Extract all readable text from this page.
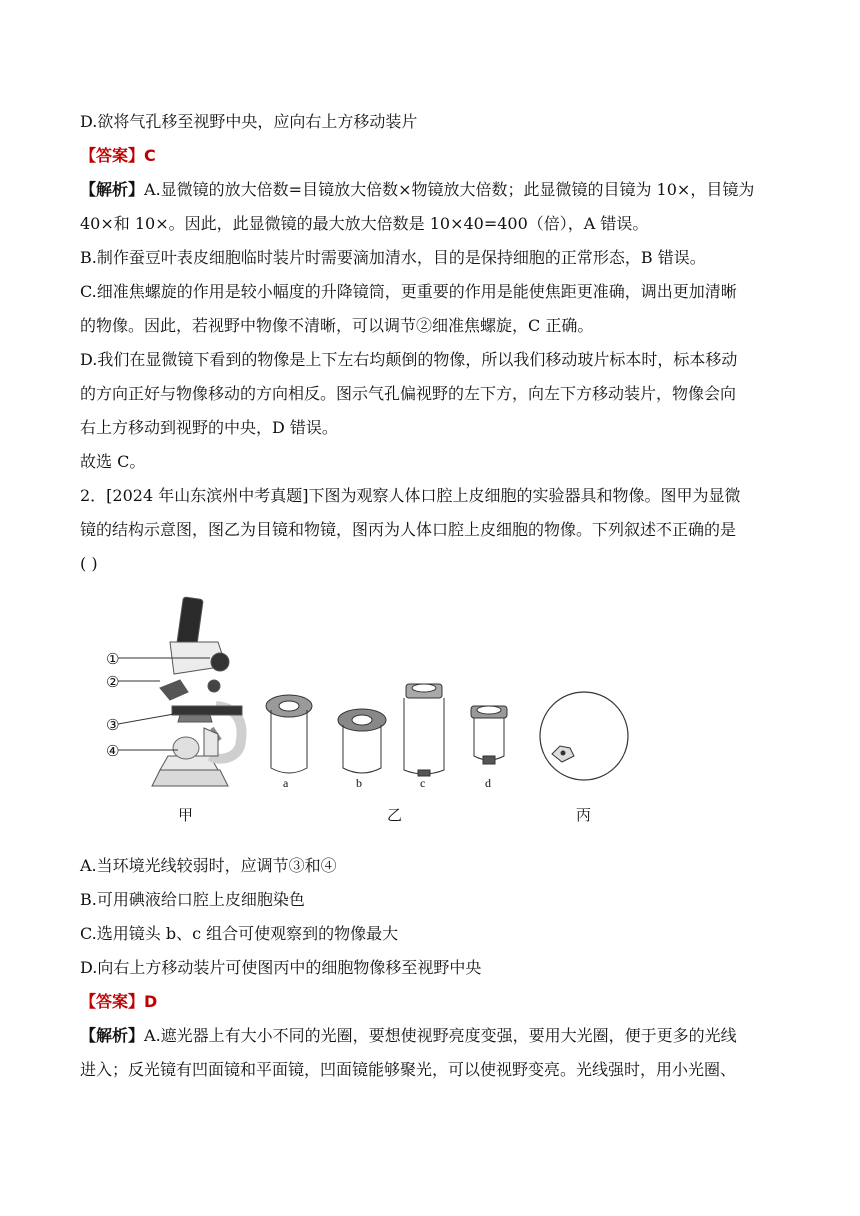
D.欲将气孔移至视野中央，应向右上方移动装片
【答案】C
【解析】A.显微镜的放大倍数=目镜放大倍数×物镜放大倍数；此显微镜的目镜为 10×，目镜为
40×和 10×。因此，此显微镜的最大放大倍数是 10×40=400（倍），A 错误。
B.制作蚕豆叶表皮细胞临时装片时需要滴加清水，目的是保持细胞的正常形态，B 错误。
C.细准焦螺旋的作用是较小幅度的升降镜筒，更重要的作用是能使焦距更准确，调出更加清晰
的物像。因此，若视野中物像不清晰，可以调节②细准焦螺旋，C 正确。
D.我们在显微镜下看到的物像是上下左右均颠倒的物像，所以我们移动玻片标本时，标本移动
的方向正好与物像移动的方向相反。图示气孔偏视野的左下方，向左下方移动装片，物像会向
右上方移动到视野的中央，D 错误。
故选 C。
2．[2024 年山东滨州中考真题]下图为观察人体口腔上皮细胞的实验器具和物像。图甲为显微
镜的结构示意图，图乙为目镜和物镜，图丙为人体口腔上皮细胞的物像。下列叙述不正确的是
( )
A.当环境光线较弱时，应调节③和④
B.可用碘液给口腔上皮细胞染色
C.选用镜头 b、c 组合可使观察到的物像最大
D.向右上方移动装片可使图丙中的细胞物像移至视野中央
【答案】D
【解析】A.遮光器上有大小不同的光圈，要想使视野亮度变强，要用大光圈，便于更多的光线
进入；反光镜有凹面镜和平面镜，凹面镜能够聚光，可以使视野变亮。光线强时，用小光圈、
①
②
③
④
a	b	c	d
甲	乙	丙
